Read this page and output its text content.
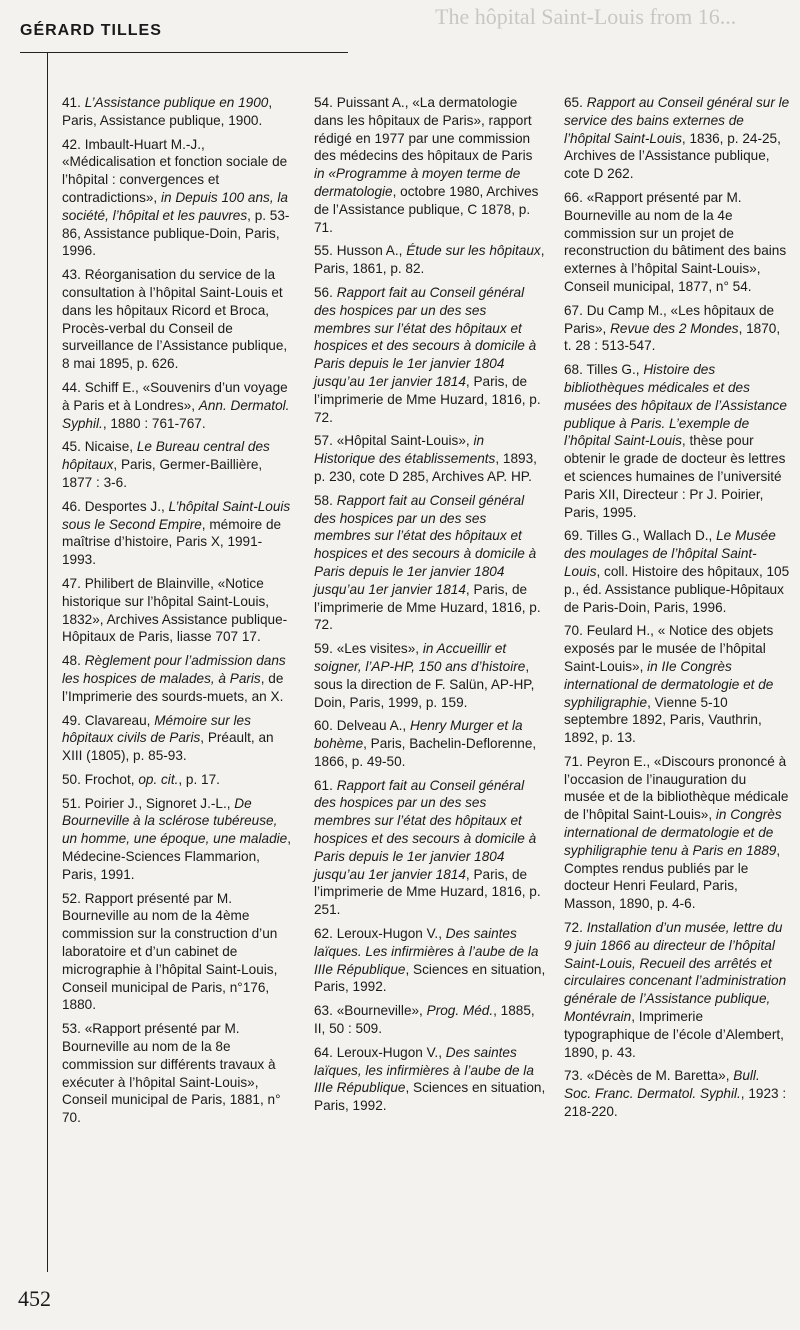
The hôpital Saint-Louis from 16...
GÉRARD TILLES

41. L’Assistance publique en 1900, Paris, Assistance publique, 1900.

42. Imbault-Huart M.-J., «Médicalisation et fonction sociale de l’hôpital : convergences et contradictions», in Depuis 100 ans, la société, l’hôpital et les pauvres, p. 53-86, Assistance publique-Doin, Paris, 1996.

43. Réorganisation du service de la consultation à l’hôpital Saint-Louis et dans les hôpitaux Ricord et Broca, Procès-verbal du Conseil de surveillance de l’Assistance publique, 8 mai 1895, p. 626.

44. Schiff E., «Souvenirs d’un voyage à Paris et à Londres», Ann. Dermatol. Syphil., 1880 : 761-767.

45. Nicaise, Le Bureau central des hôpitaux, Paris, Germer-Baillière, 1877 : 3-6.

46. Desportes J., L’hôpital Saint-Louis sous le Second Empire, mémoire de maîtrise d’histoire, Paris X, 1991-1993.

47. Philibert de Blainville, «Notice historique sur l’hôpital Saint-Louis, 1832», Archives Assistance publique-Hôpitaux de Paris, liasse 707 17.

48. Règlement pour l’admission dans les hospices de malades, à Paris, de l’Imprimerie des sourds-muets, an X.

49. Clavareau, Mémoire sur les hôpitaux civils de Paris, Préault, an XIII (1805), p. 85-93.

50. Frochot, op. cit., p. 17.

51. Poirier J., Signoret J.-L., De Bourneville à la sclérose tubéreuse, un homme, une époque, une maladie, Médecine-Sciences Flammarion, Paris, 1991.

52. Rapport présenté par M. Bourneville au nom de la 4ème commission sur la construction d’un laboratoire et d’un cabinet de micrographie à l’hôpital Saint-Louis, Conseil municipal de Paris, n°176, 1880.

53. «Rapport présenté par M. Bourneville au nom de la 8e commission sur différents travaux à exécuter à l’hôpital Saint-Louis», Conseil municipal de Paris, 1881, n° 70.

54. Puissant A., «La dermatologie dans les hôpitaux de Paris», rapport rédigé en 1977 par une commission des médecins des hôpitaux de Paris in «Programme à moyen terme de dermatologie, octobre 1980, Archives de l’Assistance publique, C 1878, p. 71.

55. Husson A., Étude sur les hôpitaux, Paris, 1861, p. 82.

56. Rapport fait au Conseil général des hospices par un des ses membres sur l’état des hôpitaux et hospices et des secours à domicile à Paris depuis le 1er janvier 1804 jusqu’au 1er janvier 1814, Paris, de l’imprimerie de Mme Huzard, 1816, p. 72.

57. «Hôpital Saint-Louis», in Historique des établissements, 1893, p. 230, cote D 285, Archives AP. HP.

58. Rapport fait au Conseil général des hospices par un des ses membres sur l’état des hôpitaux et hospices et des secours à domicile à Paris depuis le 1er janvier 1804 jusqu’au 1er janvier 1814, Paris, de l’imprimerie de Mme Huzard, 1816, p. 72.

59. «Les visites», in Accueillir et soigner, l’AP-HP, 150 ans d’histoire, sous la direction de F. Salün, AP-HP, Doin, Paris, 1999, p. 159.

60. Delveau A., Henry Murger et la bohème, Paris, Bachelin-Deflorenne, 1866, p. 49-50.

61. Rapport fait au Conseil général des hospices par un des ses membres sur l’état des hôpitaux et hospices et des secours à domicile à Paris depuis le 1er janvier 1804 jusqu’au 1er janvier 1814, Paris, de l’imprimerie de Mme Huzard, 1816, p. 251.

62. Leroux-Hugon V., Des saintes laïques. Les infirmières à l’aube de la IIIe République, Sciences en situation, Paris, 1992.

63. «Bourneville», Prog. Méd., 1885, II, 50 : 509.

64. Leroux-Hugon V., Des saintes laïques, les infirmières à l’aube de la IIIe République, Sciences en situation, Paris, 1992.

65. Rapport au Conseil général sur le service des bains externes de l’hôpital Saint-Louis, 1836, p. 24-25, Archives de l’Assistance publique, cote D 262.

66. «Rapport présenté par M. Bourneville au nom de la 4e commission sur un projet de reconstruction du bâtiment des bains externes à l’hôpital Saint-Louis», Conseil municipal, 1877, n° 54.

67. Du Camp M., «Les hôpitaux de Paris», Revue des 2 Mondes, 1870, t. 28 : 513-547.

68. Tilles G., Histoire des bibliothèques médicales et des musées des hôpitaux de l’Assistance publique à Paris. L’exemple de l’hôpital Saint-Louis, thèse pour obtenir le grade de docteur ès lettres et sciences humaines de l’université Paris XII, Directeur : Pr J. Poirier, Paris, 1995.

69. Tilles G., Wallach D., Le Musée des moulages de l’hôpital Saint-Louis, coll. Histoire des hôpitaux, 105 p., éd. Assistance publique-Hôpitaux de Paris-Doin, Paris, 1996.

70. Feulard H., « Notice des objets exposés par le musée de l’hôpital Saint-Louis», in IIe Congrès international de dermatologie et de syphiligraphie, Vienne 5-10 septembre 1892, Paris, Vauthrin, 1892, p. 13.

71. Peyron E., «Discours prononcé à l’occasion de l’inauguration du musée et de la bibliothèque médicale de l’hôpital Saint-Louis», in Congrès international de dermatologie et de syphiligraphie tenu à Paris en 1889, Comptes rendus publiés par le docteur Henri Feulard, Paris, Masson, 1890, p. 4-6.

72. Installation d’un musée, lettre du 9 juin 1866 au directeur de l’hôpital Saint-Louis, Recueil des arrêtés et circulaires concenant l’administration générale de l’Assistance publique, Montévrain, Imprimerie typographique de l’école d’Alembert, 1890, p. 43.

73. «Décès de M. Baretta», Bull. Soc. Franc. Dermatol. Syphil., 1923 : 218-220.

452
